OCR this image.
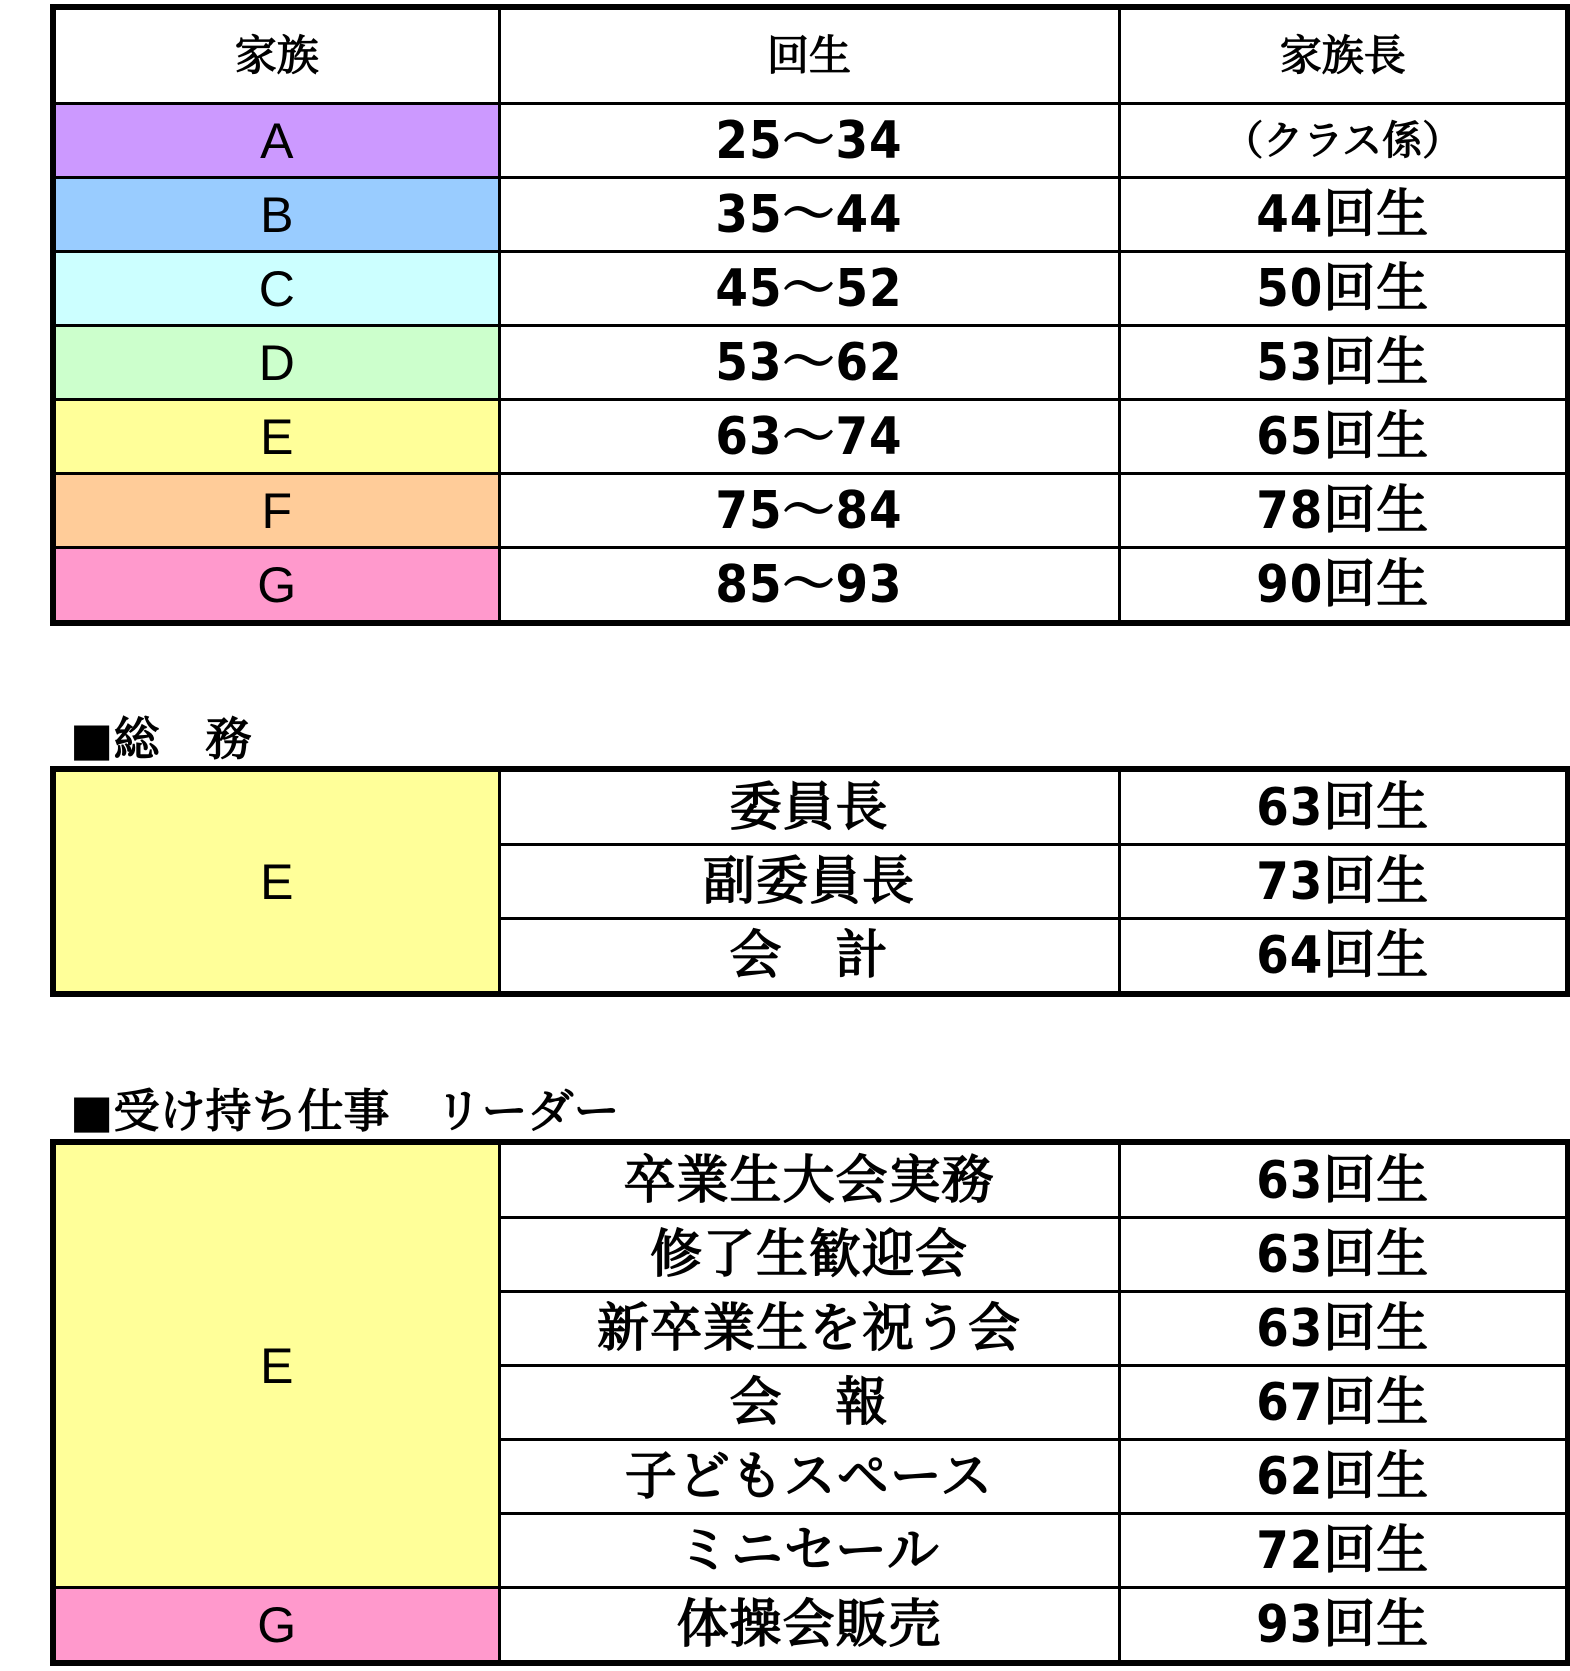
家族	回生	家族長
A	25～34	（クラス係）
B	35～44	44回生
C	45～52	50回生
D	53～62	53回生
E	63～74	65回生
F	75～84	78回生
G	85～93	90回生
■総　務
E	委員長	63回生
	副委員長	73回生
	会　計	64回生
■受け持ち仕事　リーダー
E	卒業生大会実務	63回生
	修了生歓迎会	63回生
	新卒業生を祝う会	63回生
	会　報	67回生
	子どもスペース	62回生
	ミニセール	72回生
G	体操会販売	93回生
